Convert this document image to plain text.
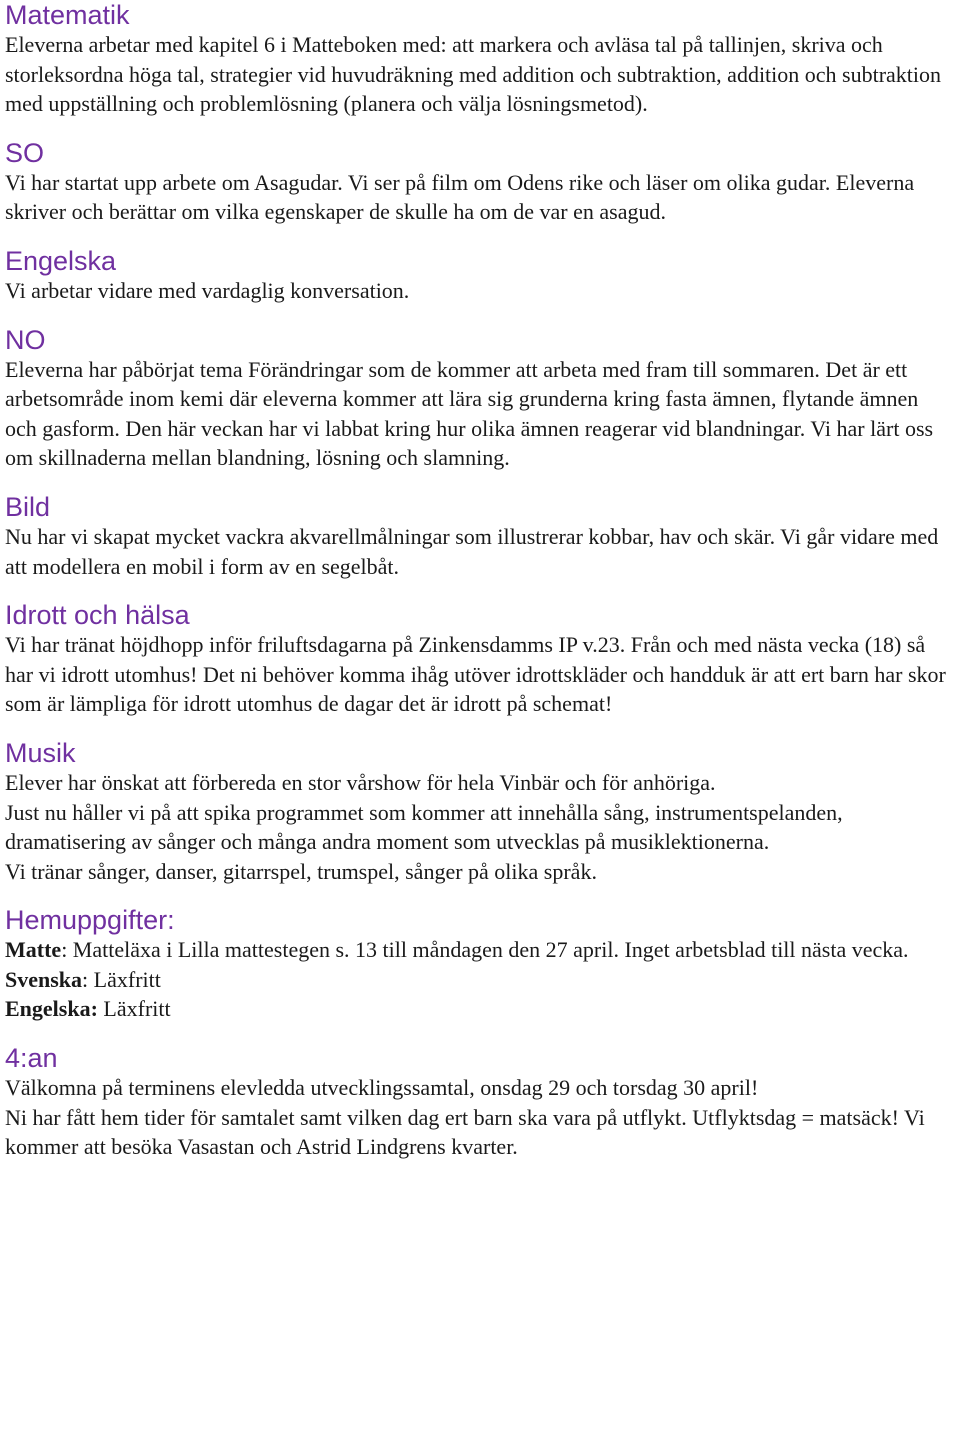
Matematik

Eleverna arbetar med kapitel 6 i Matteboken med: att markera och avläsa tal på tallinjen, skriva och storleksordna höga tal, strategier vid huvudräkning med addition och subtraktion, addition och subtraktion med uppställning och problemlösning (planera och välja lösningsmetod).

SO

Vi har startat upp arbete om Asagudar. Vi ser på film om Odens rike och läser om olika gudar. Eleverna skriver och berättar om vilka egenskaper de skulle ha om de var en asagud.

Engelska

Vi arbetar vidare med vardaglig konversation.

NO

Eleverna har påbörjat tema Förändringar som de kommer att arbeta med fram till sommaren. Det är ett arbetsområde inom kemi där eleverna kommer att lära sig grunderna kring fasta ämnen, flytande ämnen och gasform. Den här veckan har vi labbat kring hur olika ämnen reagerar vid blandningar. Vi har lärt oss om skillnaderna mellan blandning, lösning och slamning.

Bild

Nu har vi skapat mycket vackra akvarellmålningar som illustrerar kobbar, hav och skär. Vi går vidare med att modellera en mobil i form av en segelbåt.

Idrott och hälsa

Vi har tränat höjdhopp inför friluftsdagarna på Zinkensdamms IP v.23. Från och med nästa vecka (18) så har vi idrott utomhus! Det ni behöver komma ihåg utöver idrottskläder och handduk är att ert barn har skor som är lämpliga för idrott utomhus de dagar det är idrott på schemat!

Musik

Elever har önskat att förbereda en stor vårshow för hela Vinbär och för anhöriga.

Just nu håller vi på att spika programmet som kommer att innehålla sång, instrumentspelanden, dramatisering av sånger och många andra moment som utvecklas på musiklektionerna.

Vi tränar sånger, danser, gitarrspel, trumspel, sånger på olika språk.

Hemuppgifter:

Matte: Matteläxa i Lilla mattestegen s. 13 till måndagen den 27 april. Inget arbetsblad till nästa vecka.

Svenska: Läxfritt

Engelska: Läxfritt

4:an

Välkomna på terminens elevledda utvecklingssamtal, onsdag 29 och torsdag 30 april!

Ni har fått hem tider för samtalet samt vilken dag ert barn ska vara på utflykt. Utflyktsdag = matsäck! Vi kommer att besöka Vasastan och Astrid Lindgrens kvarter.
